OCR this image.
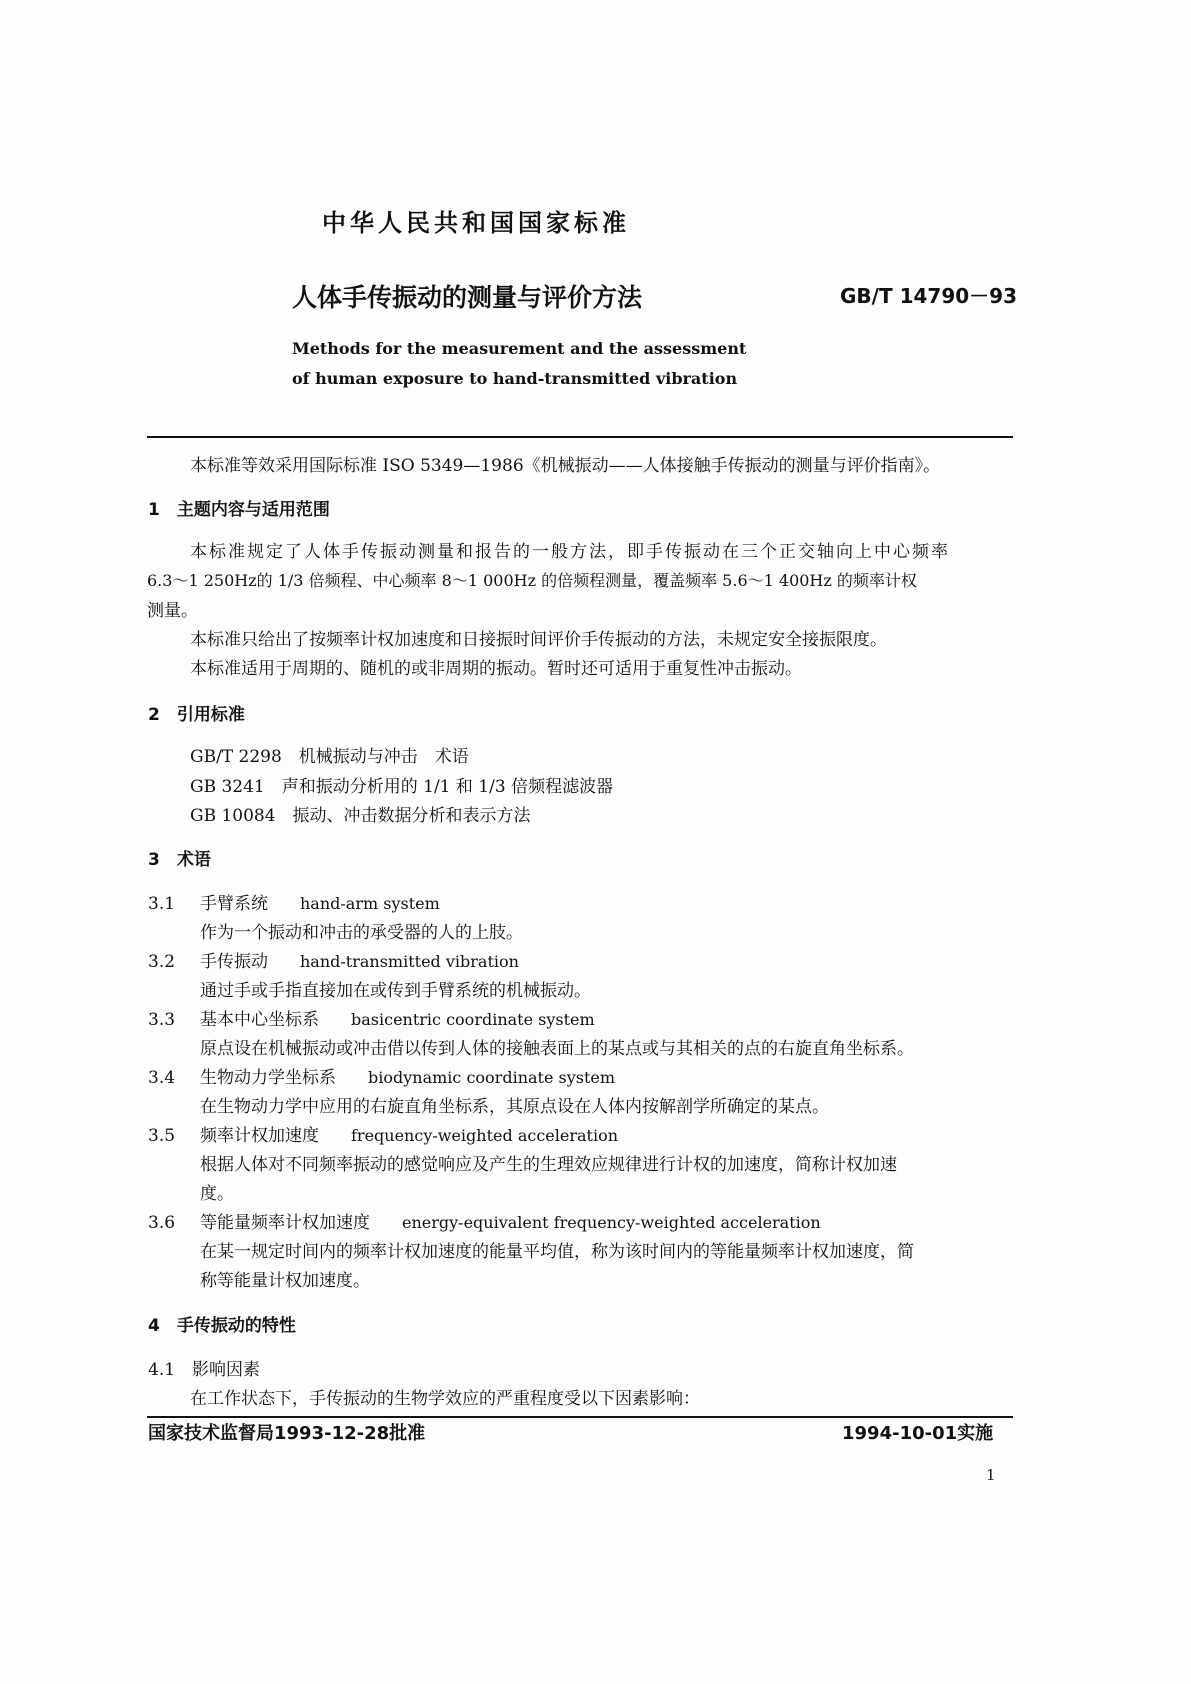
中华人民共和国国家标准
人体手传振动的测量与评价方法	GB/T 14790－93
Methods for the measurement and the assessment
of human exposure to hand-transmitted vibration
本标准等效采用国际标准 ISO 5349—1986《机械振动——人体接触手传振动的测量与评价指南》。
1　 主题内容与适用范围
本标准规定了人体手传振动测量和报告的一般方法，即手传振动在三个正交轴向上中心频率
6.3～1 250Hz的 1/3 倍频程、中心频率 8～1 000Hz 的倍频程测量，覆盖频率 5.6～1 400Hz 的频率计权
测量。
本标准只给出了按频率计权加速度和日接振时间评价手传振动的方法，未规定安全接振限度。
本标准适用于周期的、随机的或非周期的振动。暂时还可适用于重复性冲击振动。
2　 引用标准
GB/T 2298　机械振动与冲击　术语
GB 3241　声和振动分析用的 1/1 和 1/3 倍频程滤波器
GB 10084　振动、冲击数据分析和表示方法
3　 术语
4　 手传振动的特性
4.1　 影响因素
在工作状态下，手传振动的生物学效应的严重程度受以下因素影响：
国家技术监督局1993-12-28批准	1994-10-01实施
1
3.1 手臂系统 hand-arm system
作为一个振动和冲击的承受器的人的上肢。
3.2 手传振动 hand-transmitted vibration
通过手或手指直接加在或传到手臂系统的机械振动。
3.3 基本中心坐标系 basicentric coordinate system
原点设在机械振动或冲击借以传到人体的接触表面上的某点或与其相关的点的右旋直角坐标系。
3.4 生物动力学坐标系 biodynamic coordinate system
在生物动力学中应用的右旋直角坐标系，其原点设在人体内按解剖学所确定的某点。
3.5 频率计权加速度 frequency-weighted acceleration
根据人体对不同频率振动的感觉响应及产生的生理效应规律进行计权的加速度，简称计权加速
度。
3.6 等能量频率计权加速度 energy-equivalent frequency-weighted acceleration
在某一规定时间内的频率计权加速度的能量平均值，称为该时间内的等能量频率计权加速度，简
称等能量计权加速度。
